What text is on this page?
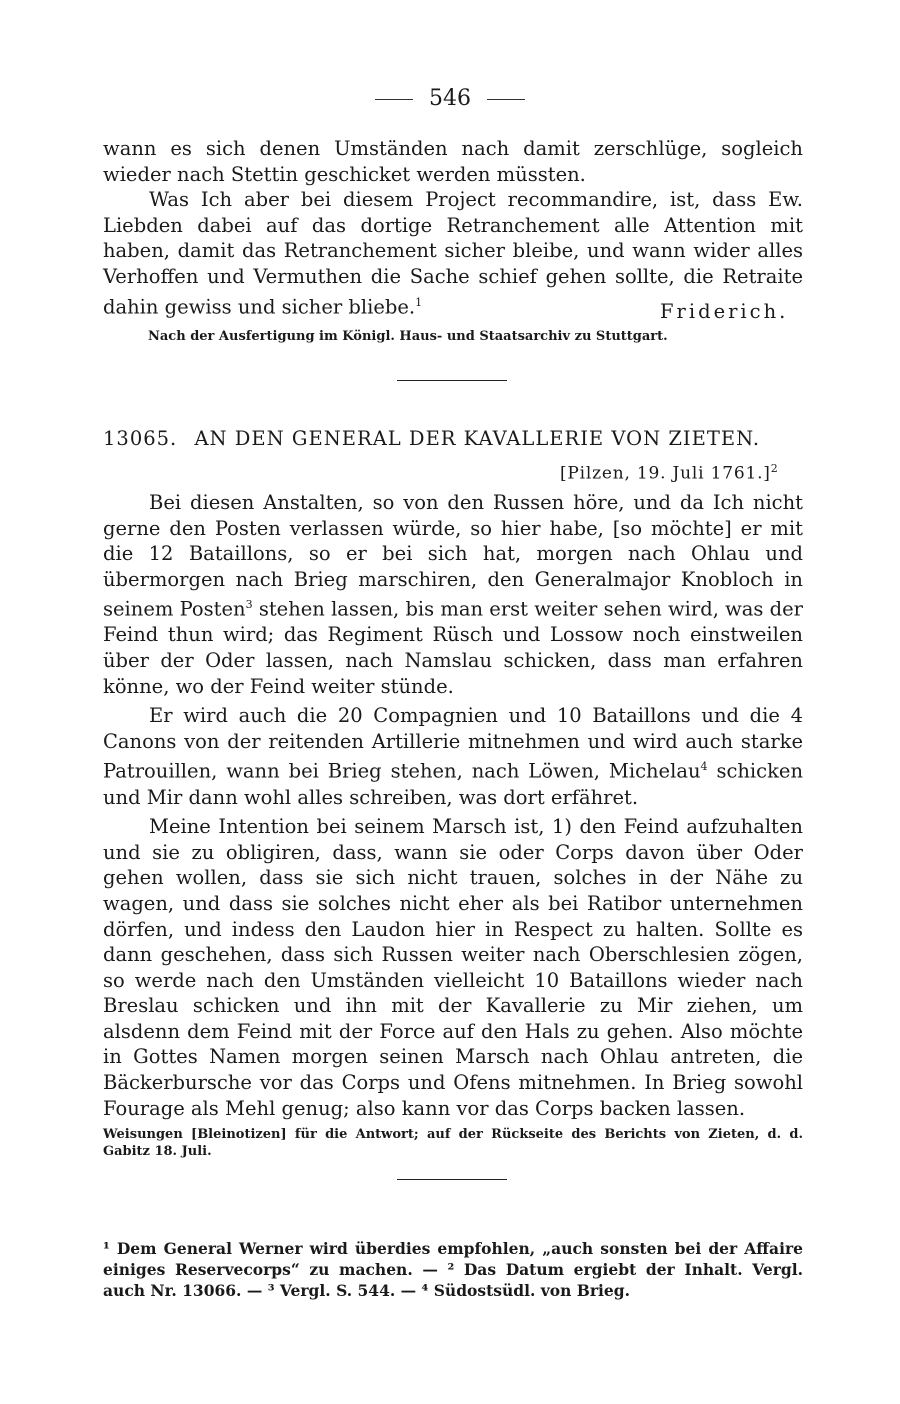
546

wann es sich denen Umständen nach damit zerschlüge, sogleich wieder nach Stettin geschicket werden müssten.

Was Ich aber bei diesem Project recommandire, ist, dass Ew. Liebden dabei auf das dortige Retranchement alle Attention mit haben, damit das Retranchement sicher bleibe, und wann wider alles Verhoffen und Vermuthen die Sache schief gehen sollte, die Retraite dahin gewiss und sicher bliebe.$^1$	Friderich.
Nach der Ausfertigung im Königl. Haus- und Staatsarchiv zu Stuttgart.
13065. AN DEN GENERAL DER KAVALLERIE VON ZIETEN.
[Pilzen, 19. Juli 1761.]$^2$

Bei diesen Anstalten, so von den Russen höre, und da Ich nicht gerne den Posten verlassen würde, so hier habe, [so möchte] er mit die 12 Bataillons, so er bei sich hat, morgen nach Ohlau und übermorgen nach Brieg marschiren, den Generalmajor Knobloch in seinem Posten$^3$ stehen lassen, bis man erst weiter sehen wird, was der Feind thun wird; das Regiment Rüsch und Lossow noch einstweilen über der Oder lassen, nach Namslau schicken, dass man erfahren könne, wo der Feind weiter stünde.

Er wird auch die 20 Compagnien und 10 Bataillons und die 4 Canons von der reitenden Artillerie mitnehmen und wird auch starke Patrouillen, wann bei Brieg stehen, nach Löwen, Michelau$^4$ schicken und Mir dann wohl alles schreiben, was dort erfähret.

Meine Intention bei seinem Marsch ist, 1) den Feind aufzuhalten und sie zu obligiren, dass, wann sie oder Corps davon über Oder gehen wollen, dass sie sich nicht trauen, solches in der Nähe zu wagen, und dass sie solches nicht eher als bei Ratibor unternehmen dörfen, und indess den Laudon hier in Respect zu halten. Sollte es dann geschehen, dass sich Russen weiter nach Oberschlesien zögen, so werde nach den Umständen vielleicht 10 Bataillons wieder nach Breslau schicken und ihn mit der Kavallerie zu Mir ziehen, um alsdenn dem Feind mit der Force auf den Hals zu gehen. Also möchte in Gottes Namen morgen seinen Marsch nach Ohlau antreten, die Bäckerbursche vor das Corps und Ofens mitnehmen. In Brieg sowohl Fourage als Mehl genug; also kann vor das Corps backen lassen.

Weisungen [Bleinotizen] für die Antwort; auf der Rückseite des Berichts von Zieten, d. d. Gabitz 18. Juli.
¹ Dem General Werner wird überdies empfohlen, „auch sonsten bei der Affaire einiges Reservecorps“ zu machen. — ² Das Datum ergiebt der Inhalt. Vergl. auch Nr. 13066. — ³ Vergl. S. 544. — ⁴ Südostsüdl. von Brieg.
